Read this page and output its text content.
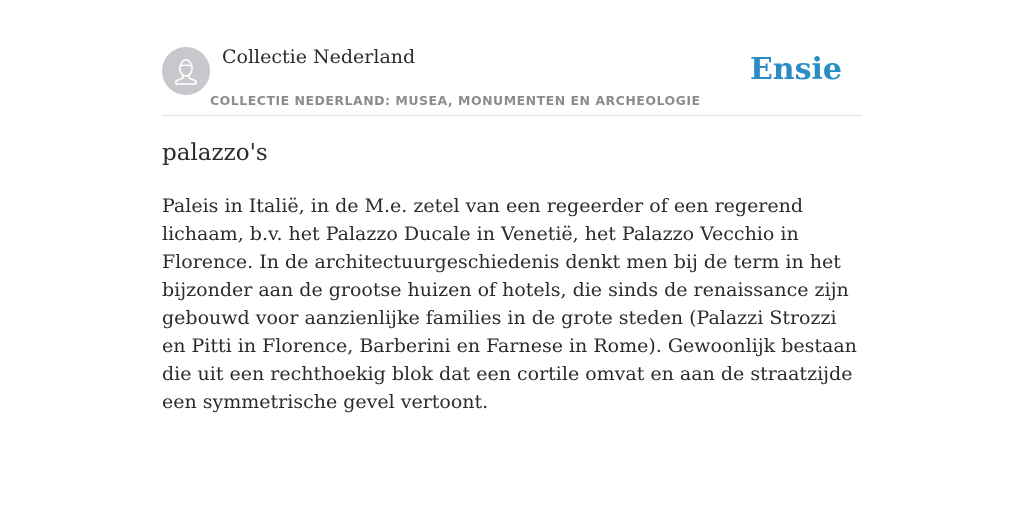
Collectie Nederland
COLLECTIE NEDERLAND: MUSEA, MONUMENTEN EN ARCHEOLOGIE
Ensie
palazzo's
Paleis in Italië, in de M.e. zetel van een regeerder of een regerend lichaam, b.v. het Palazzo Ducale in Venetië, het Palazzo Vecchio in Florence. In de architectuurgeschiedenis denkt men bij de term in het bijzonder aan de grootse huizen of hotels, die sinds de renaissance zijn gebouwd voor aanzienlijke families in de grote steden (Palazzi Strozzi en Pitti in Florence, Barberini en Farnese in Rome). Gewoonlijk bestaan die uit een rechthoekig blok dat een cortile omvat en aan de straatzijde een symmetrische gevel vertoont.
